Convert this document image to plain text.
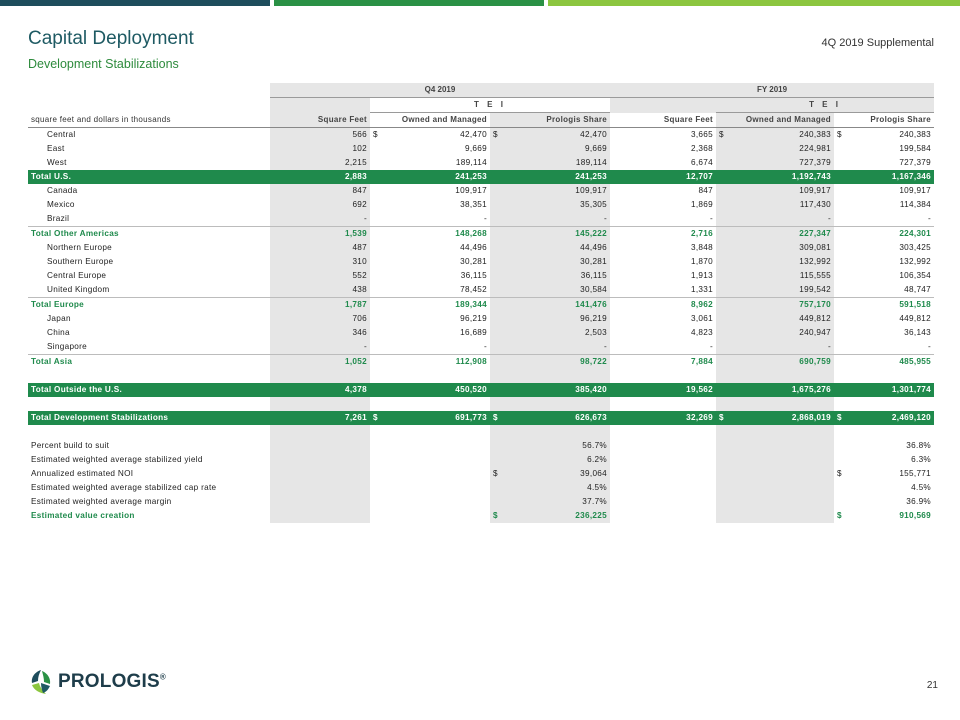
Capital Deployment
Development Stabilizations
4Q 2019 Supplemental
	Q4 2019			FY 2019		
		T E I			T E I	
square feet and dollars in thousands	Square Feet	Owned and Managed	Prologis Share	Square Feet	Owned and Managed	Prologis Share
Central	566	$ 42,470	$ 42,470	3,665	$ 240,383	$ 240,383

East	102	9,669	9,669	2,368	224,981	199,584
West	2,215	189,114	189,114	6,674	727,379	727,379
Total U.S.	2,883	241,253	241,253	12,707	1,192,743	1,167,346
Canada	847	109,917	109,917	847	109,917	109,917
Mexico	692	38,351	35,305	1,869	117,430	114,384
Brazil	-	-	-	-	-	-
Total Other Americas	1,539	148,268	145,222	2,716	227,347	224,301
Northern Europe	487	44,496	44,496	3,848	309,081	303,425
Southern Europe	310	30,281	30,281	1,870	132,992	132,992
Central Europe	552	36,115	36,115	1,913	115,555	106,354
United Kingdom	438	78,452	30,584	1,331	199,542	48,747
Total Europe	1,787	189,344	141,476	8,962	757,170	591,518
Japan	706	96,219	96,219	3,061	449,812	449,812
China	346	16,689	2,503	4,823	240,947	36,143
Singapore	-	-	-	-	-	-
Total Asia	1,052	112,908	98,722	7,884	690,759	485,955

Total Outside the U.S.	4,378	450,520	385,420	19,562	1,675,276	1,301,774

Total Development Stabilizations	7,261	$ 691,773	$ 626,673	32,269	$ 2,868,019	$ 2,469,120

Percent build to suit			56.7%			36.8%
Estimated weighted average stabilized yield			6.2%			6.3%
Annualized estimated NOI			$ 39,064			$ 155,771

Estimated weighted average stabilized cap rate			4.5%			4.5%
Estimated weighted average margin			37.7%			36.9%
Estimated value creation			$ 236,225			$ 910,569
PROLOGIS®
21
